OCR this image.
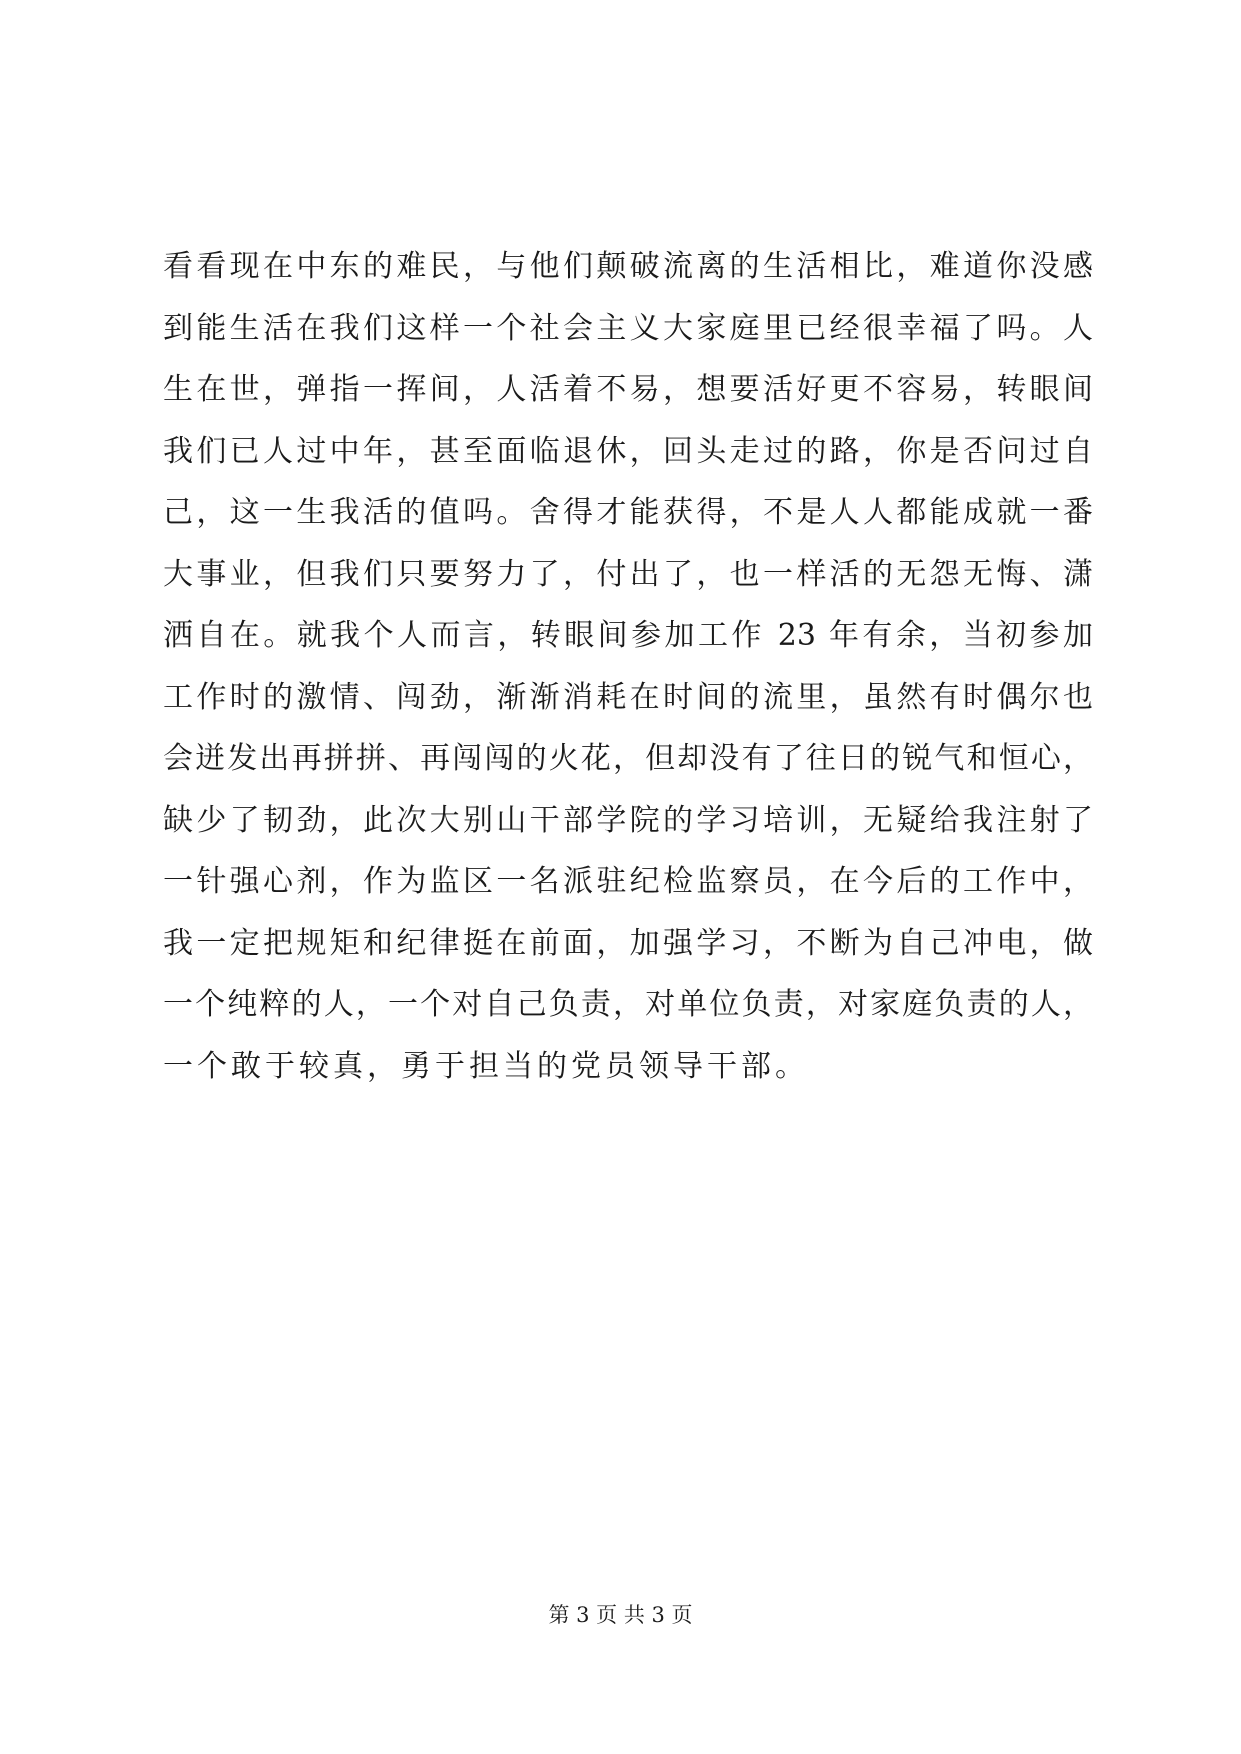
看看现在中东的难民，与他们颠破流离的生活相比，难道你没感
到能生活在我们这样一个社会主义大家庭里已经很幸福了吗。人
生在世，弹指一挥间，人活着不易，想要活好更不容易，转眼间
我们已人过中年，甚至面临退休，回头走过的路，你是否问过自
己，这一生我活的值吗。舍得才能获得，不是人人都能成就一番
大事业，但我们只要努力了，付出了，也一样活的无怨无悔、潇
洒自在。就我个人而言，转眼间参加工作 23 年有余，当初参加
工作时的激情、闯劲，渐渐消耗在时间的流里，虽然有时偶尔也
会迸发出再拼拼、再闯闯的火花，但却没有了往日的锐气和恒心，
缺少了韧劲，此次大别山干部学院的学习培训，无疑给我注射了
一针强心剂，作为监区一名派驻纪检监察员，在今后的工作中，
我一定把规矩和纪律挺在前面，加强学习，不断为自己冲电，做
一个纯粹的人，一个对自己负责，对单位负责，对家庭负责的人，
一个敢于较真，勇于担当的党员领导干部。
第 3 页 共 3 页
